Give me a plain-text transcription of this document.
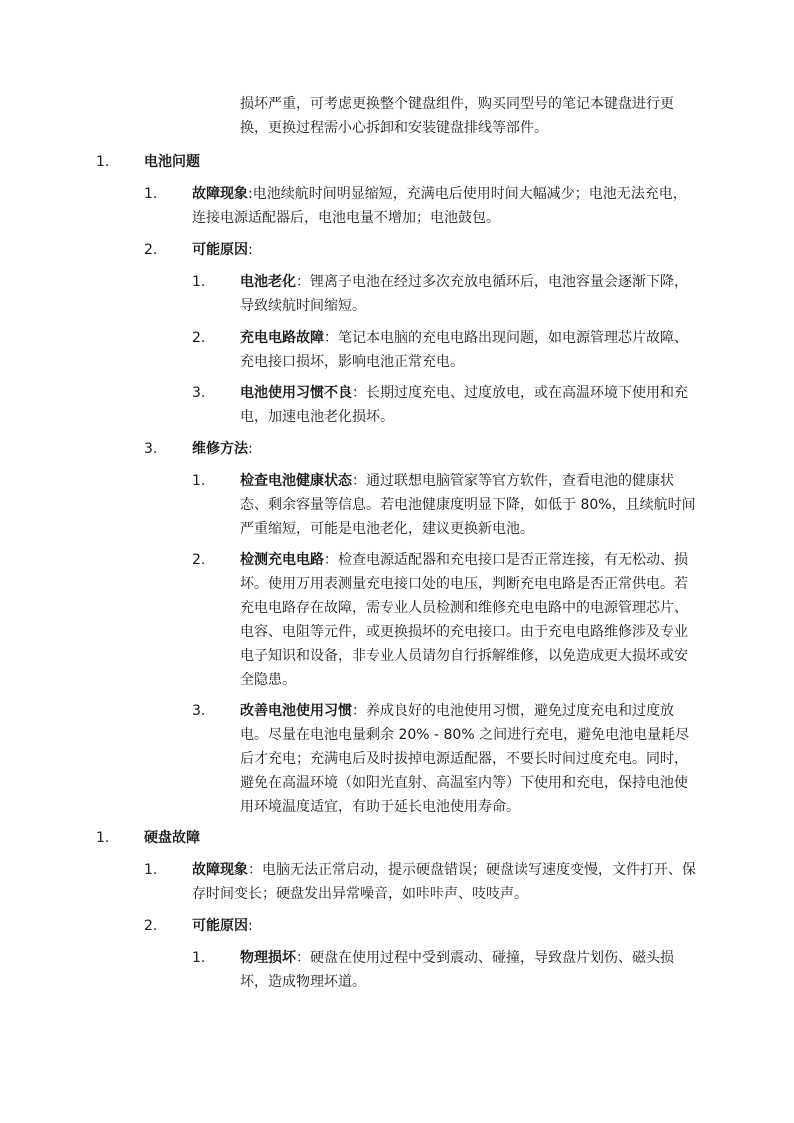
损坏严重，可考虑更换整个键盘组件，购买同型号的笔记本键盘进行更换，更换过程需小心拆卸和安装键盘排线等部件。
1. 电池问题
1. 故障现象:电池续航时间明显缩短，充满电后使用时间大幅减少；电池无法充电，连接电源适配器后，电池电量不增加；电池鼓包。
2. 可能原因:
1. 电池老化：锂离子电池在经过多次充放电循环后，电池容量会逐渐下降，导致续航时间缩短。
2. 充电电路故障：笔记本电脑的充电电路出现问题，如电源管理芯片故障、充电接口损坏，影响电池正常充电。
3. 电池使用习惯不良：长期过度充电、过度放电，或在高温环境下使用和充电，加速电池老化损坏。
3. 维修方法:
1. 检查电池健康状态：通过联想电脑管家等官方软件，查看电池的健康状态、剩余容量等信息。若电池健康度明显下降，如低于 80%，且续航时间严重缩短，可能是电池老化，建议更换新电池。
2. 检测充电电路：检查电源适配器和充电接口是否正常连接，有无松动、损坏。使用万用表测量充电接口处的电压，判断充电电路是否正常供电。若充电电路存在故障，需专业人员检测和维修充电电路中的电源管理芯片、电容、电阻等元件，或更换损坏的充电接口。由于充电电路维修涉及专业电子知识和设备，非专业人员请勿自行拆解维修，以免造成更大损坏或安全隐患。
3. 改善电池使用习惯：养成良好的电池使用习惯，避免过度充电和过度放电。尽量在电池电量剩余 20% - 80% 之间进行充电，避免电池电量耗尽后才充电；充满电后及时拔掉电源适配器，不要长时间过度充电。同时，避免在高温环境（如阳光直射、高温室内等）下使用和充电，保持电池使用环境温度适宜，有助于延长电池使用寿命。
1. 硬盘故障
1. 故障现象：电脑无法正常启动，提示硬盘错误；硬盘读写速度变慢，文件打开、保存时间变长；硬盘发出异常噪音，如咔咔声、吱吱声。
2. 可能原因:
1. 物理损坏：硬盘在使用过程中受到震动、碰撞，导致盘片划伤、磁头损坏，造成物理坏道。
